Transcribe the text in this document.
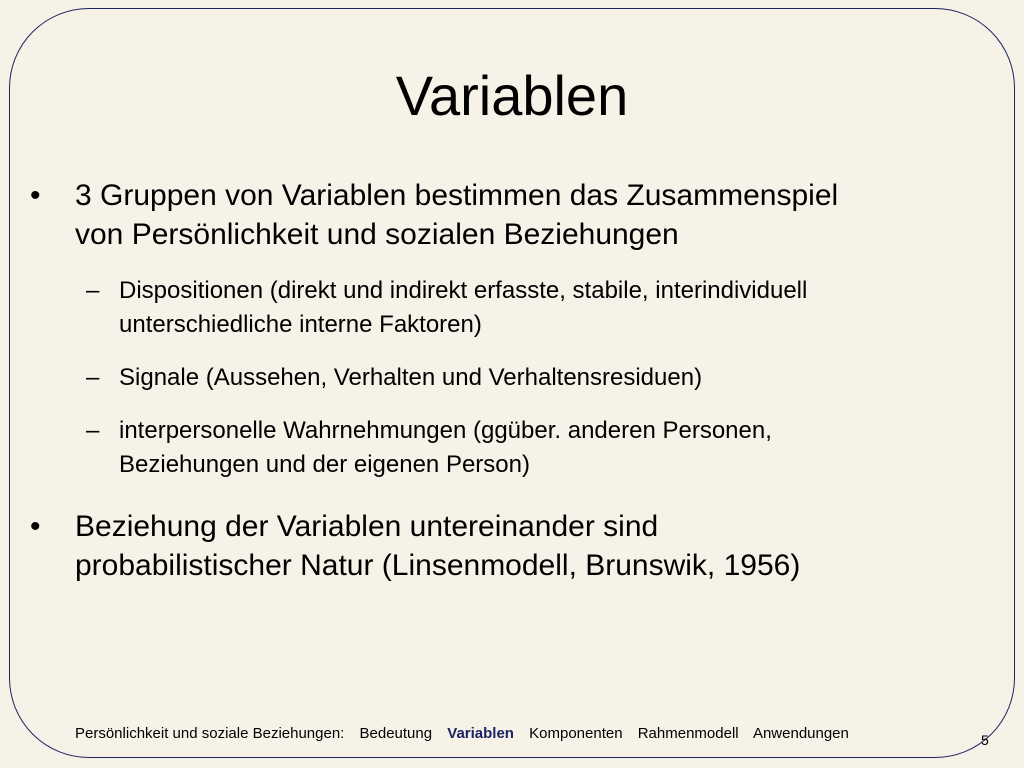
Variablen
• 3 Gruppen von Variablen bestimmen das Zusammenspiel
von Persönlichkeit und sozialen Beziehungen
– Dispositionen (direkt und indirekt erfasste, stabile, interindividuell
unterschiedliche interne Faktoren)
– Signale (Aussehen, Verhalten und Verhaltensresiduen)
– interpersonelle Wahrnehmungen (ggüber. anderen Personen,
Beziehungen und der eigenen Person)
• Beziehung der Variablen untereinander sind
probabilistischer Natur (Linsenmodell, Brunswik, 1956)
Persönlichkeit und soziale Beziehungen: Bedeutung Variablen Komponenten Rahmenmodell Anwendungen	5
